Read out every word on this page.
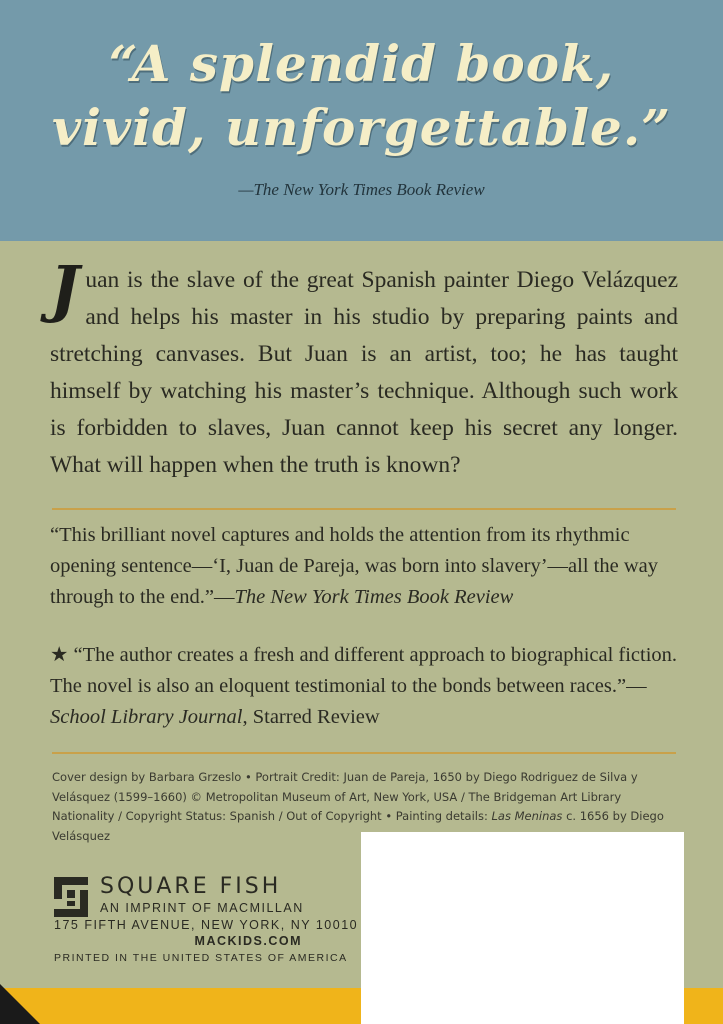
“A splendid book,
vivid, unforgettable.”
—The New York Times Book Review
Juan is the slave of the great Spanish painter Diego Velázquez and helps his master in his studio by preparing paints and stretching canvases. But Juan is an artist, too; he has taught himself by watching his master’s technique. Although such work is forbidden to slaves, Juan cannot keep his secret any longer. What will happen when the truth is known?
“This brilliant novel captures and holds the attention from its rhythmic opening sentence—‘I, Juan de Pareja, was born into slavery’—all the way through to the end.”—The New York Times Book Review
★ “The author creates a fresh and different approach to biographical fiction. The novel is also an eloquent testimonial to the bonds between races.”—School Library Journal, Starred Review
Cover design by Barbara Grzeslo • Portrait Credit: Juan de Pareja, 1650 by Diego Rodriguez de Silva y Velásquez (1599–1660) © Metropolitan Museum of Art, New York, USA / The Bridgeman Art Library Nationality / Copyright Status: Spanish / Out of Copyright • Painting details: Las Meninas c. 1656 by Diego Velásquez
SQUARE FISH
AN IMPRINT OF MACMILLAN
175 FIFTH AVENUE, NEW YORK, NY 10010
MACKIDS.COM
PRINTED IN THE UNITED STATES OF AMERICA
